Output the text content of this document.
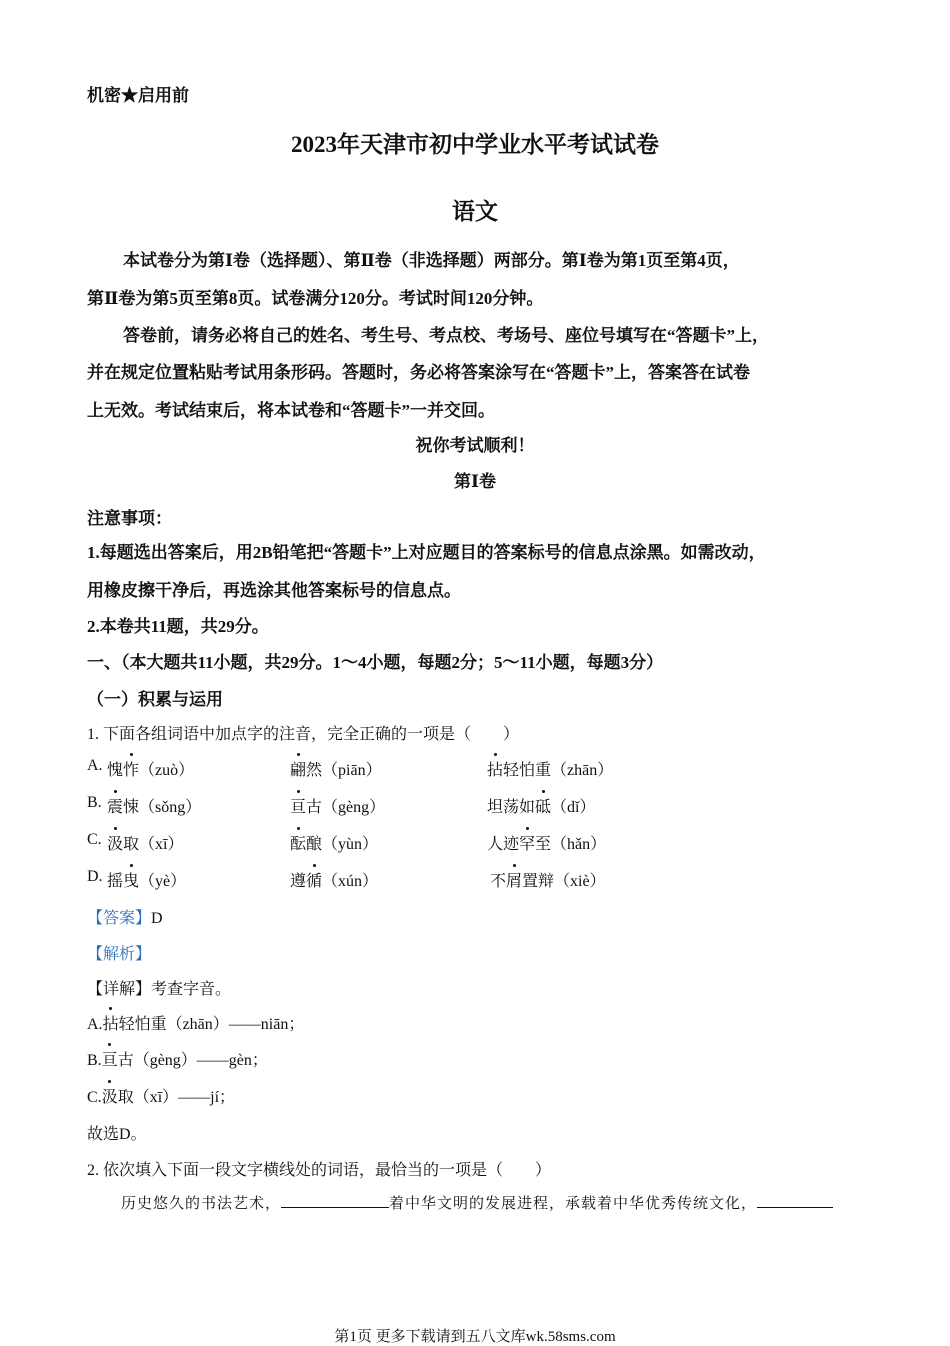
机密★启用前
2023年天津市初中学业水平考试试卷
语文
本试卷分为第Ⅰ卷（选择题）、第Ⅱ卷（非选择题）两部分。第Ⅰ卷为第1页至第4页，
第Ⅱ卷为第5页至第8页。试卷满分120分。考试时间120分钟。
答卷前，请务必将自己的姓名、考生号、考点校、考场号、座位号填写在“答题卡”上，
并在规定位置粘贴考试用条形码。答题时，务必将答案涂写在“答题卡”上，答案答在试卷
上无效。考试结束后，将本试卷和“答题卡”一并交回。
祝你考试顺利！
第Ⅰ卷
注意事项：
1.每题选出答案后，用2B铅笔把“答题卡”上对应题目的答案标号的信息点涂黑。如需改动，
用橡皮擦干净后，再选涂其他答案标号的信息点。
2.本卷共11题，共29分。
一、（本大题共11小题，共29分。1～4小题，每题2分；5～11小题，每题3分）
（一）积累与运用
1. 下面各组词语中加点字的注音，完全正确的一项是（　　）
A. 愧怍（zuò）	翩然（piān）	拈轻怕重（zhān）
B. 震悚（sǒng）	亘古（gèng）	坦荡如砥（dǐ）
C. 汲取（xī）	酝酿（yùn）	人迹罕至（hǎn）
D. 摇曳（yè）	遵循（xún）	不屑置辩（xiè）
【答案】D
【解析】
【详解】考查字音。
A.拈轻怕重（zhān）——niān；
B.亘古（gèng）——gèn；
C.汲取（xī）——jí；
故选D。
2. 依次填入下面一段文字横线处的词语，最恰当的一项是（　　）
历史悠久的书法艺术，	着中华文明的发展进程，承载着中华优秀传统文化，
第1页 更多下载请到五八文库wk.58sms.com
